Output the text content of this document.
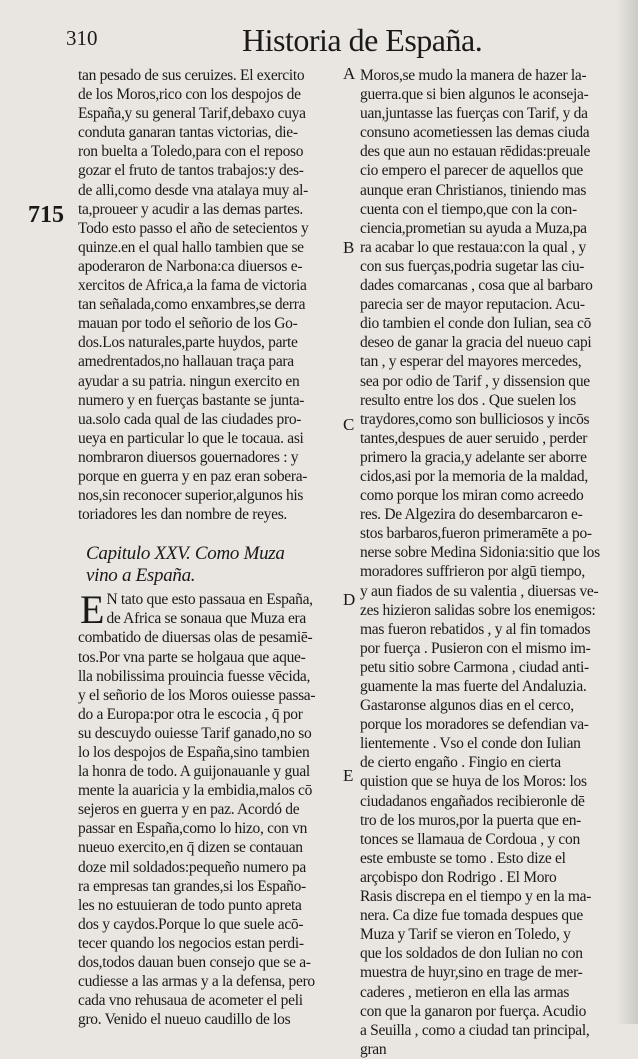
310	Historia de España.
715
A
B
C
D
E
tan pesado de sus ceruizes. El exercito
de los Moros,rico con los despojos de
España,y su general Tarif,debaxo cuya
conduta ganaran tantas victorias, die-
ron buelta a Toledo,para con el reposo
gozar el fruto de tantos trabajos:y des-
de alli,como desde vna atalaya muy al-
ta,proueer y acudir a las demas partes.
Todo esto passo el año de setecientos y
quinze.en el qual hallo tambien que se
apoderaron de Narbona:ca diuersos e-
xercitos de Africa,a la fama de victoria
tan señalada,como enxambres,se derra
mauan por todo el señorio de los Go-
dos.Los naturales,parte huydos, parte
amedrentados,no hallauan traça para
ayudar a su patria. ningun exercito en
numero y en fuerças bastante se junta-
ua.solo cada qual de las ciudades pro-
ueya en particular lo que le tocaua. asi
nombraron diuersos gouernadores : y
porque en guerra y en paz eran sobera-
nos,sin reconocer superior,algunos his
toriadores les dan nombre de reyes.
Capitulo XXV. Como Muza
vino a España.
E N tato que esto passaua en España,
de Africa se sonaua que Muza era
combatido de diuersas olas de pesamiē-
tos.Por vna parte se holgaua que aque-
lla nobilissima prouincia fuesse vēcida,
y el señorio de los Moros ouiesse passa-
do a Europa:por otra le escocia , q̄ por
su descuydo ouiesse Tarif ganado,no so
lo los despojos de España,sino tambien
la honra de todo. A guijonauanle y gual
mente la auaricia y la embidia,malos cō
sejeros en guerra y en paz. Acordó de
passar en España,como lo hizo, con vn
nueuo exercito,en q̄ dizen se contauan
doze mil soldados:pequeño numero pa
ra empresas tan grandes,si los Españo-
les no estuuieran de todo punto apreta
dos y caydos.Porque lo que suele acō-
tecer quando los negocios estan perdi-
dos,todos dauan buen consejo que se a-
cudiesse a las armas y a la defensa, pero
cada vno rehusaua de acometer el peli
gro. Venido el nueuo caudillo de los
Moros,se mudo la manera de hazer la-
guerra.que si bien algunos le aconseja-
uan,juntasse las fuerças con Tarif, y da
consuno acometiessen las demas ciuda
des que aun no estauan rēdidas:preuale
cio empero el parecer de aquellos que
aunque eran Christianos, tiniendo mas
cuenta con el tiempo,que con la con-
ciencia,prometian su ayuda a Muza,pa
ra acabar lo que restaua:con la qual , y
con sus fuerças,podria sugetar las ciu-
dades comarcanas , cosa que al barbaro
parecia ser de mayor reputacion. Acu-
dio tambien el conde don Iulian, sea cō
deseo de ganar la gracia del nueuo capi
tan , y esperar del mayores mercedes,
sea por odio de Tarif , y dissension que
resulto entre los dos . Que suelen los
traydores,como son bulliciosos y incōs
tantes,despues de auer seruido , perder
primero la gracia,y adelante ser aborre
cidos,asi por la memoria de la maldad,
como porque los miran como acreedo
res. De Algezira do desembarcaron e-
stos barbaros,fueron primeramēte a po-
nerse sobre Medina Sidonia:sitio que los
moradores suffrieron por algū tiempo,
y aun fiados de su valentia , diuersas ve-
zes hizieron salidas sobre los enemigos:
mas fueron rebatidos , y al fin tomados
por fuerça . Pusieron con el mismo im-
petu sitio sobre Carmona , ciudad anti-
guamente la mas fuerte del Andaluzia.
Gastaronse algunos dias en el cerco,
porque los moradores se defendian va-
lientemente . Vso el conde don Iulian
de cierto engaño . Fingio en cierta
quistion que se huya de los Moros: los
ciudadanos engañados recibieronle dē
tro de los muros,por la puerta que en-
tonces se llamaua de Cordoua , y con
este embuste se tomo . Esto dize el
arçobispo don Rodrigo . El Moro
Rasis discrepa en el tiempo y en la ma-
nera. Ca dize fue tomada despues que
Muza y Tarif se vieron en Toledo, y
que los soldados de don Iulian no con
muestra de huyr,sino en trage de mer-
caderes , metieron en ella las armas
con que la ganaron por fuerça. Acudio
a Seuilla , como a ciudad tan principal,
gran
